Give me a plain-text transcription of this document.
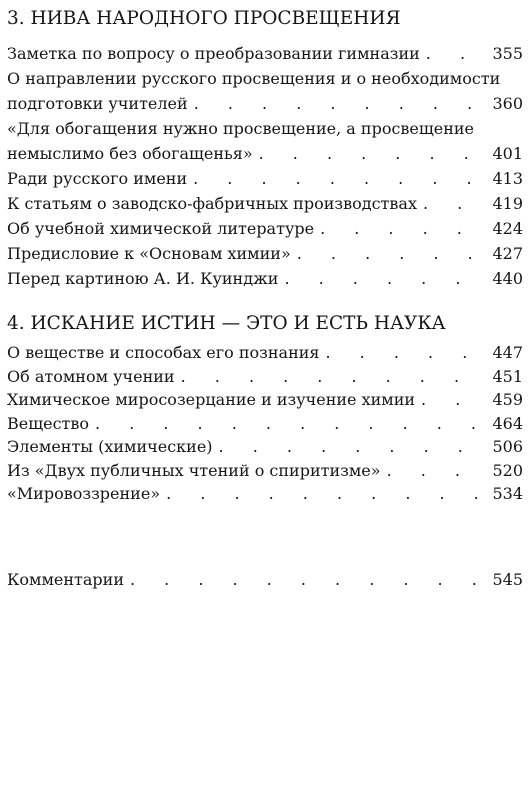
3. НИВА НАРОДНОГО ПРОСВЕЩЕНИЯ
Заметка по вопросу о преобразовании гимназии . . .	355
О направлении русского просвещения и о необходимости
подготовки учителей . . .	360
«Для обогащения нужно просвещение, а просвещение
немыслимо без обогащенья» . . .	401
Ради русского имени . . .	413
К статьям о заводско-фабричных производствах . . .	419
Об учебной химической литературе . . .	424
Предисловие к «Основам химии» . . .	427
Перед картиною А. И. Куинджи . . .	440
4. ИСКАНИЕ ИСТИН — ЭТО И ЕСТЬ НАУКА
О веществе и способах его познания . . .	447
Об атомном учении . . .	451
Химическое миросозерцание и изучение химии . . .	459
Вещество . . .	464
Элементы (химические) . . .	506
Из «Двух публичных чтений о спиритизме» . . .	520
«Мировоззрение» . . .	534
Комментарии . . .	545
